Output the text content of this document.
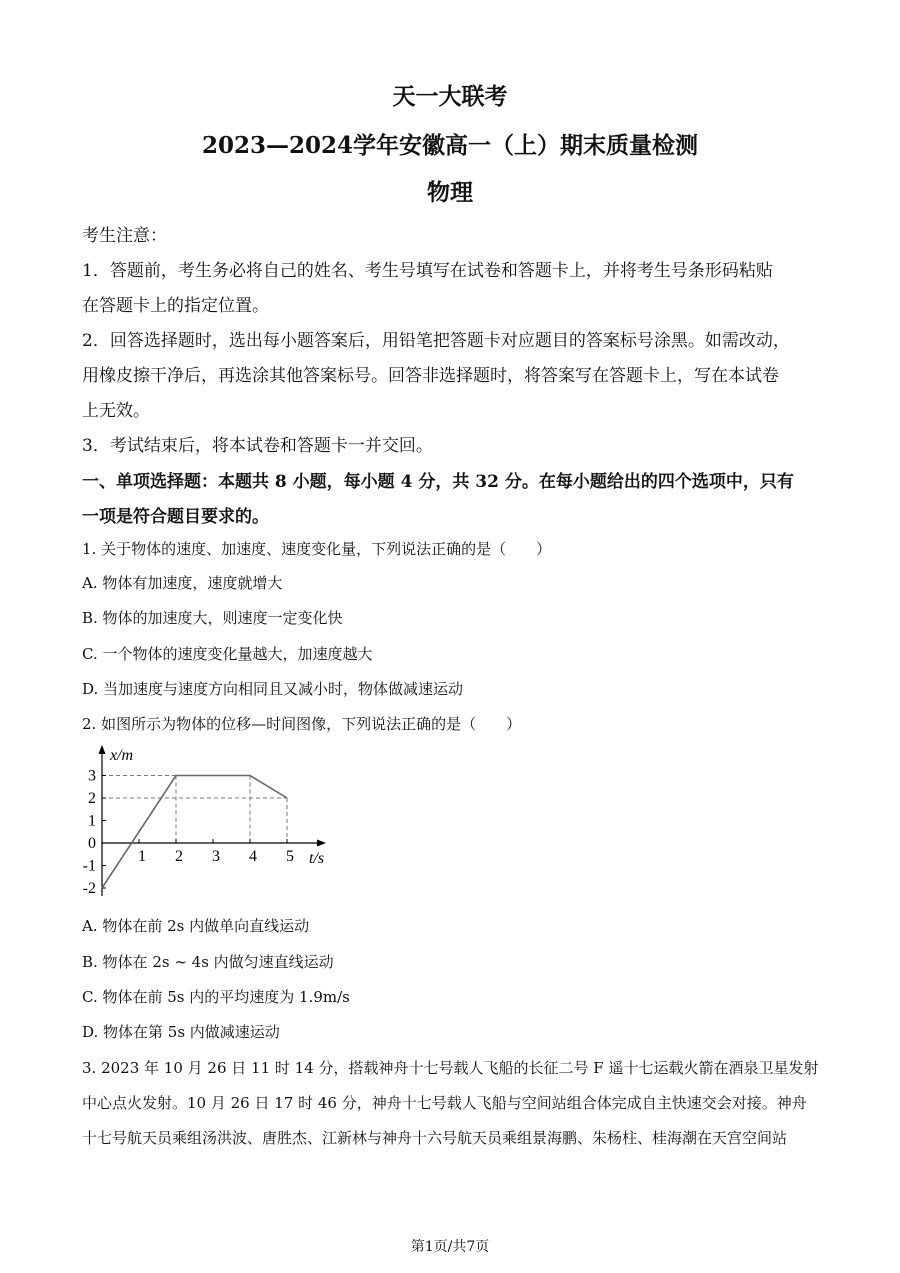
天一大联考
2023—2024学年安徽高一（上）期末质量检测
物理
考生注意：
1．答题前，考生务必将自己的姓名、考生号填写在试卷和答题卡上，并将考生号条形码粘贴
在答题卡上的指定位置。
2．回答选择题时，选出每小题答案后，用铅笔把答题卡对应题目的答案标号涂黑。如需改动，
用橡皮擦干净后，再选涂其他答案标号。回答非选择题时，将答案写在答题卡上，写在本试卷
上无效。
3．考试结束后，将本试卷和答题卡一并交回。
一、单项选择题：本题共 8 小题，每小题 4 分，共 32 分。在每小题给出的四个选项中，只有
一项是符合题目要求的。
1. 关于物体的速度、加速度、速度变化量，下列说法正确的是（　　）
A. 物体有加速度，速度就增大
B. 物体的加速度大，则速度一定变化快
C. 一个物体的速度变化量越大，加速度越大
D. 当加速度与速度方向相同且又减小时，物体做减速运动
2. 如图所示为物体的位移—时间图像，下列说法正确的是（　　）
3
2
1
0
-1
-2
1 2 3 4 5
x/m
t/s
A. 物体在前 2s 内做单向直线运动
B. 物体在 2s ∼ 4s 内做匀速直线运动
C. 物体在前 5s 内的平均速度为 1.9m/s
D. 物体在第 5s 内做减速运动
3. 2023 年 10 月 26 日 11 时 14 分，搭载神舟十七号载人飞船的长征二号 F 遥十七运载火箭在酒泉卫星发射
中心点火发射。10 月 26 日 17 时 46 分，神舟十七号载人飞船与空间站组合体完成自主快速交会对接。神舟
十七号航天员乘组汤洪波、唐胜杰、江新林与神舟十六号航天员乘组景海鹏、朱杨柱、桂海潮在天宫空间站
第1页/共7页
